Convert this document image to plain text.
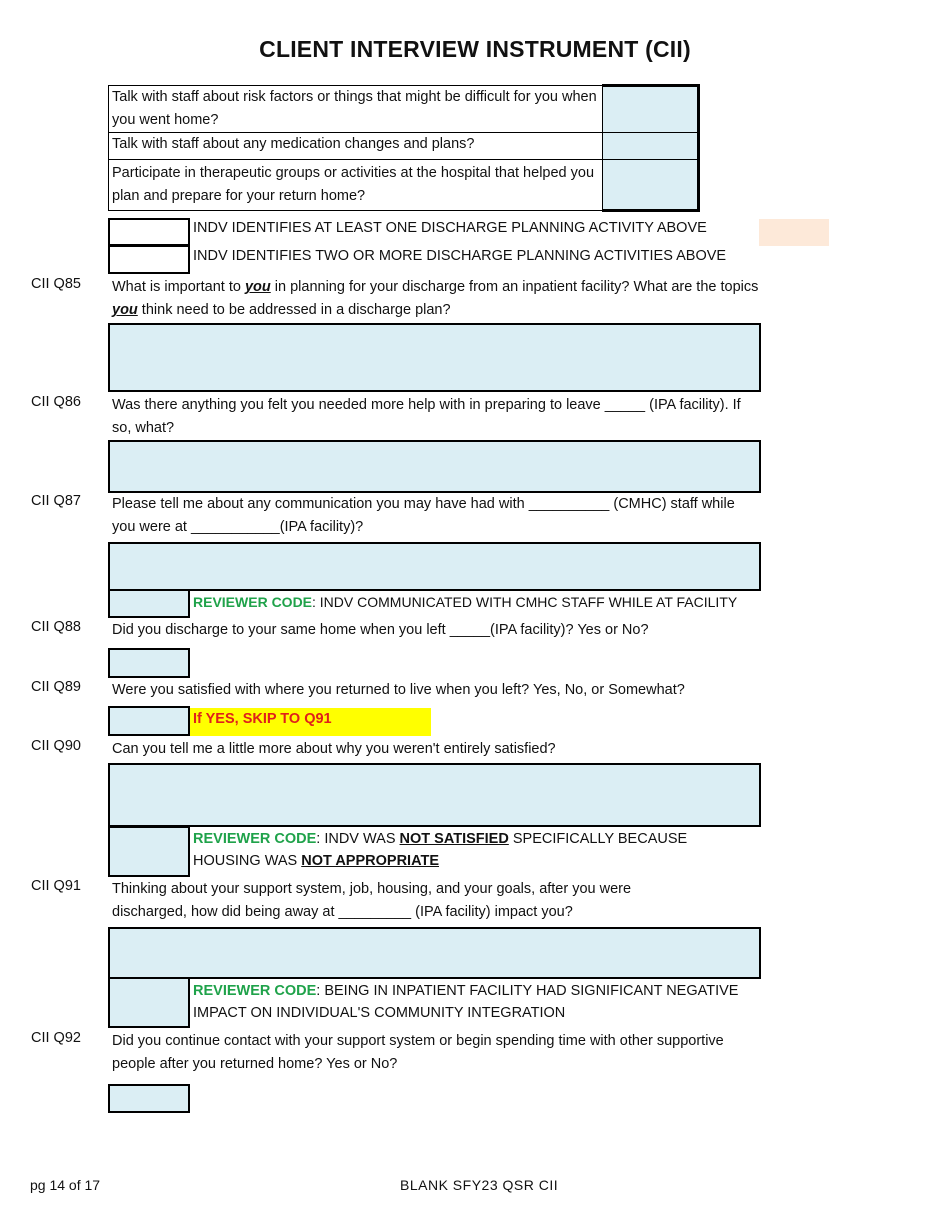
CLIENT INTERVIEW INSTRUMENT (CII)
Talk with staff about risk factors or things that might be difficult for you when you went home?	
Talk with staff about any medication changes and plans?	
Participate in therapeutic groups or activities at the hospital that helped you plan and prepare for your return home?	
INDV IDENTIFIES AT LEAST ONE DISCHARGE PLANNING ACTIVITY ABOVE
INDV IDENTIFIES TWO OR MORE DISCHARGE PLANNING ACTIVITIES ABOVE
CII Q85 What is important to you in planning for your discharge from an inpatient facility? What are the topics you think need to be addressed in a discharge plan?
CII Q86 Was there anything you felt you needed more help with in preparing to leave _____ (IPA facility). If so, what?
CII Q87 Please tell me about any communication you may have had with __________ (CMHC) staff while you were at ___________(IPA facility)?
REVIEWER CODE: INDV COMMUNICATED WITH CMHC STAFF WHILE AT FACILITY
CII Q88 Did you discharge to your same home when you left _____(IPA facility)? Yes or No?
CII Q89 Were you satisfied with where you returned to live when you left? Yes, No, or Somewhat?
If YES, SKIP TO Q91
CII Q90 Can you tell me a little more about why you weren't entirely satisfied?
REVIEWER CODE: INDV WAS NOT SATISFIED SPECIFICALLY BECAUSE HOUSING WAS NOT APPROPRIATE
CII Q91 Thinking about your support system, job, housing, and your goals, after you were discharged, how did being away at _________ (IPA facility) impact you?
REVIEWER CODE: BEING IN INPATIENT FACILITY HAD SIGNIFICANT NEGATIVE IMPACT ON INDIVIDUAL'S COMMUNITY INTEGRATION
CII Q92 Did you continue contact with your support system or begin spending time with other supportive people after you returned home? Yes or No?
pg 14 of 17	BLANK SFY23 QSR CII
